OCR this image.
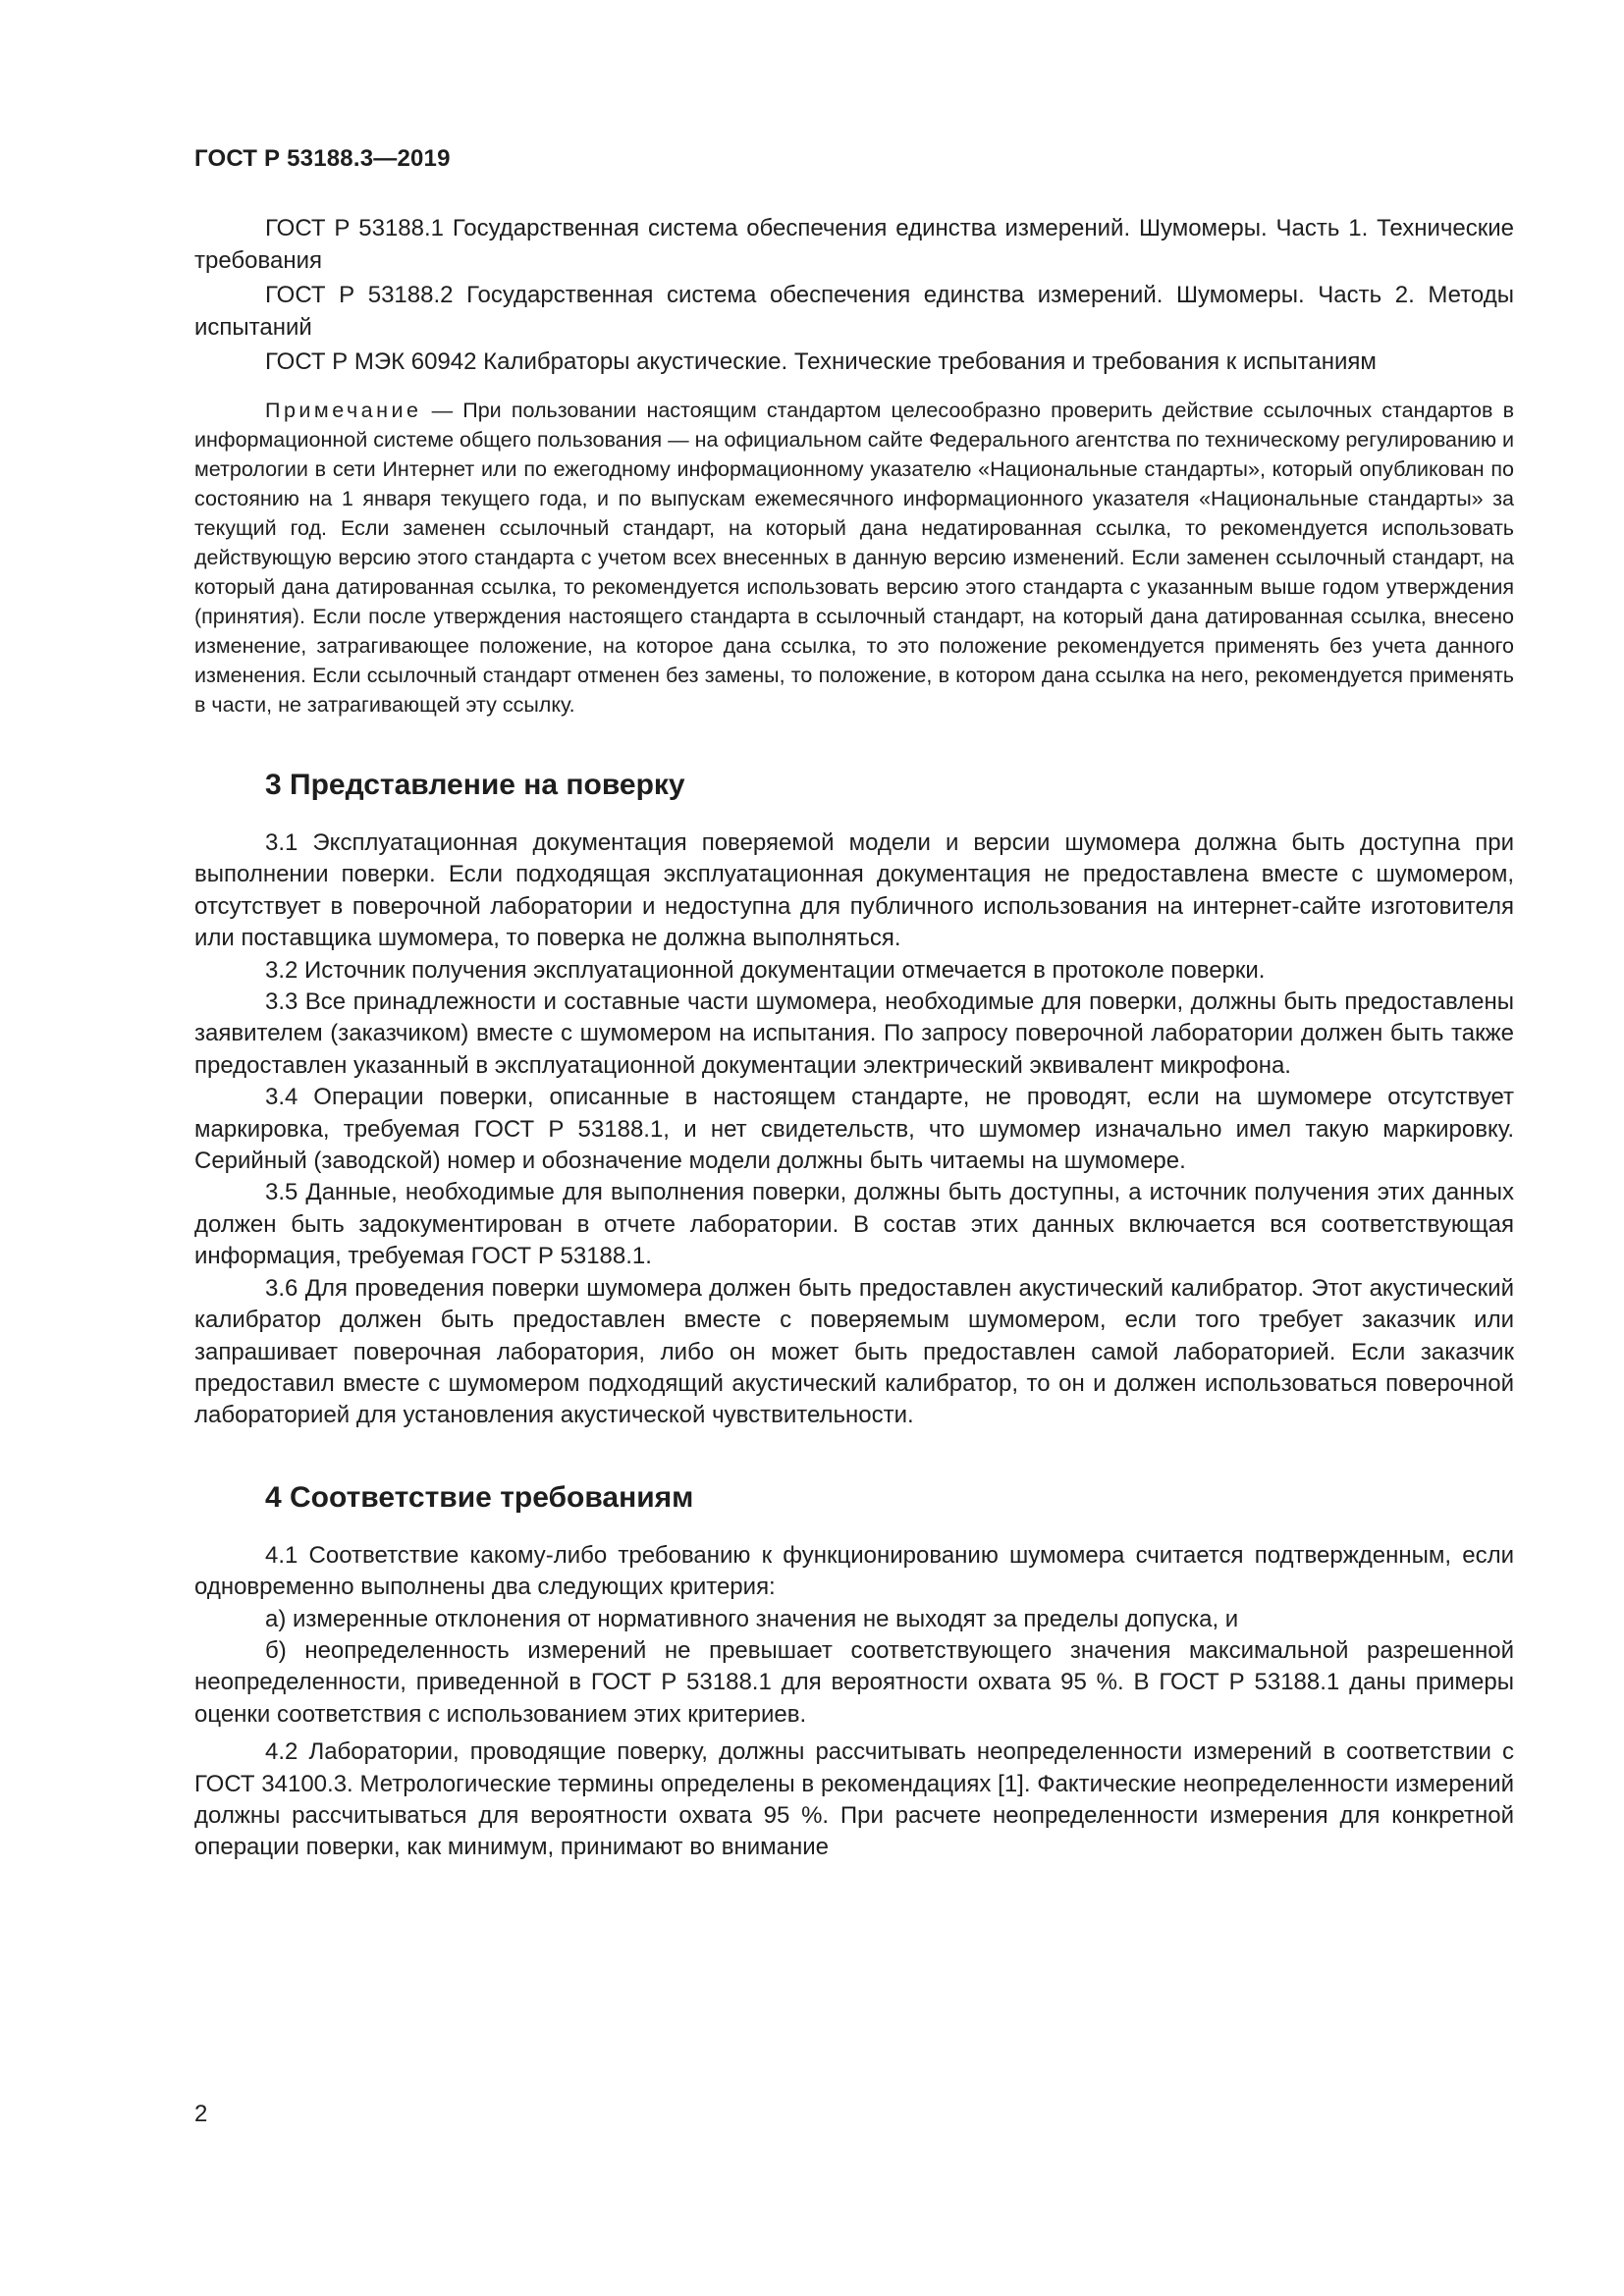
ГОСТ Р 53188.3—2019

ГОСТ Р 53188.1 Государственная система обеспечения единства измерений. Шумомеры. Часть 1. Технические требования

ГОСТ Р 53188.2 Государственная система обеспечения единства измерений. Шумомеры. Часть 2. Методы испытаний

ГОСТ Р МЭК 60942 Калибраторы акустические. Технические требования и требования к испытаниям

Примечание — При пользовании настоящим стандартом целесообразно проверить действие ссылочных стандартов в информационной системе общего пользования — на официальном сайте Федерального агентства по техническому регулированию и метрологии в сети Интернет или по ежегодному информационному указателю «Национальные стандарты», который опубликован по состоянию на 1 января текущего года, и по выпускам ежемесячного информационного указателя «Национальные стандарты» за текущий год. Если заменен ссылочный стандарт, на который дана недатированная ссылка, то рекомендуется использовать действующую версию этого стандарта с учетом всех внесенных в данную версию изменений. Если заменен ссылочный стандарт, на который дана датированная ссылка, то рекомендуется использовать версию этого стандарта с указанным выше годом утверждения (принятия). Если после утверждения настоящего стандарта в ссылочный стандарт, на который дана датированная ссылка, внесено изменение, затрагивающее положение, на которое дана ссылка, то это положение рекомендуется применять без учета данного изменения. Если ссылочный стандарт отменен без замены, то положение, в котором дана ссылка на него, рекомендуется применять в части, не затрагивающей эту ссылку.

3 Представление на поверку

3.1 Эксплуатационная документация поверяемой модели и версии шумомера должна быть доступна при выполнении поверки. Если подходящая эксплуатационная документация не предоставлена вместе с шумомером, отсутствует в поверочной лаборатории и недоступна для публичного использования на интернет-сайте изготовителя или поставщика шумомера, то поверка не должна выполняться.

3.2 Источник получения эксплуатационной документации отмечается в протоколе поверки.

3.3 Все принадлежности и составные части шумомера, необходимые для поверки, должны быть предоставлены заявителем (заказчиком) вместе с шумомером на испытания. По запросу поверочной лаборатории должен быть также предоставлен указанный в эксплуатационной документации электрический эквивалент микрофона.

3.4 Операции поверки, описанные в настоящем стандарте, не проводят, если на шумомере отсутствует маркировка, требуемая ГОСТ Р 53188.1, и нет свидетельств, что шумомер изначально имел такую маркировку. Серийный (заводской) номер и обозначение модели должны быть читаемы на шумомере.

3.5 Данные, необходимые для выполнения поверки, должны быть доступны, а источник получения этих данных должен быть задокументирован в отчете лаборатории. В состав этих данных включается вся соответствующая информация, требуемая ГОСТ Р 53188.1.

3.6 Для проведения поверки шумомера должен быть предоставлен акустический калибратор. Этот акустический калибратор должен быть предоставлен вместе с поверяемым шумомером, если того требует заказчик или запрашивает поверочная лаборатория, либо он может быть предоставлен самой лабораторией. Если заказчик предоставил вместе с шумомером подходящий акустический калибратор, то он и должен использоваться поверочной лабораторией для установления акустической чувствительности.

4 Соответствие требованиям

4.1 Соответствие какому-либо требованию к функционированию шумомера считается подтвержденным, если одновременно выполнены два следующих критерия:

а) измеренные отклонения от нормативного значения не выходят за пределы допуска, и

б) неопределенность измерений не превышает соответствующего значения максимальной разрешенной неопределенности, приведенной в ГОСТ Р 53188.1 для вероятности охвата 95 %. В ГОСТ Р 53188.1 даны примеры оценки соответствия с использованием этих критериев.

4.2 Лаборатории, проводящие поверку, должны рассчитывать неопределенности измерений в соответствии с ГОСТ 34100.3. Метрологические термины определены в рекомендациях [1]. Фактические неопределенности измерений должны рассчитываться для вероятности охвата 95 %. При расчете неопределенности измерения для конкретной операции поверки, как минимум, принимают во внимание

2
